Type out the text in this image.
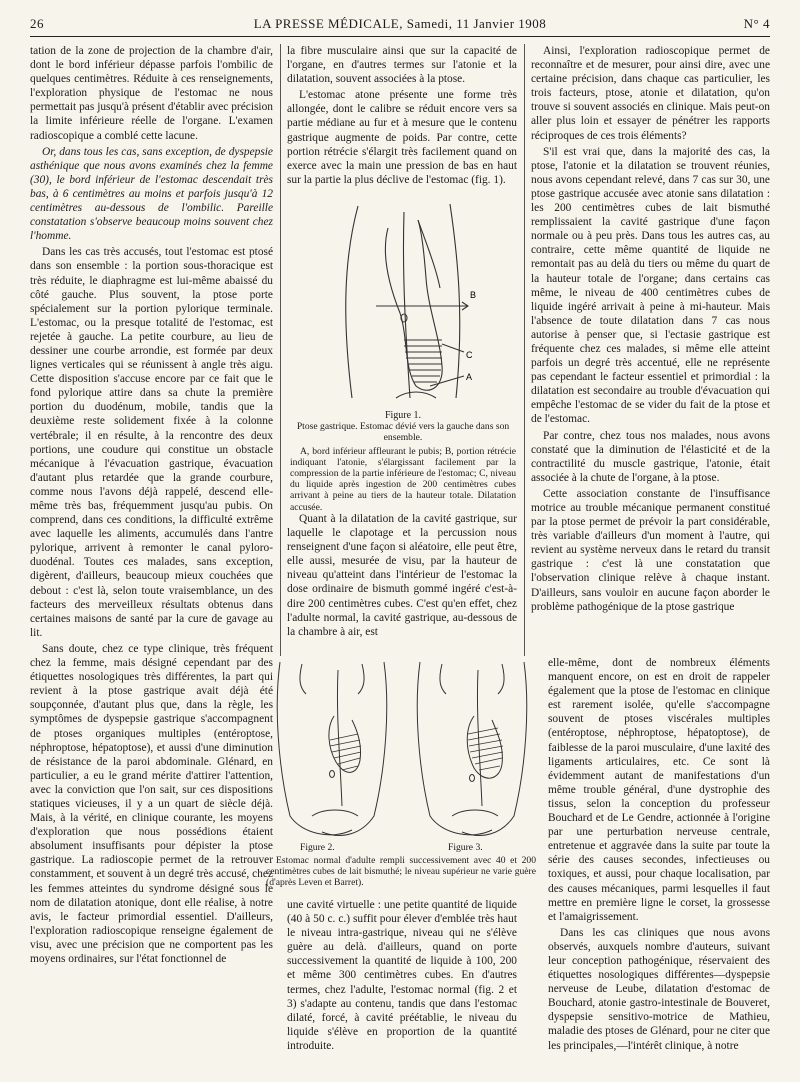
26	LA PRESSE MÉDICALE, Samedi, 11 Janvier 1908	N° 4

tation de la zone de projection de la chambre d'air, dont le bord inférieur dépasse parfois l'ombilic de quelques centimètres. Réduite à ces renseignements, l'exploration physique de l'estomac ne nous permettait pas jusqu'à présent d'établir avec précision la limite inférieure réelle de l'organe. L'examen radioscopique a comblé cette lacune.

Or, dans tous les cas, sans exception, de dyspepsie asthénique que nous avons examinés chez la femme (30), le bord inférieur de l'estomac descendait très bas, à 6 centimètres au moins et parfois jusqu'à 12 centimètres au-dessous de l'ombilic. Pareille constatation s'observe beaucoup moins souvent chez l'homme.

Dans les cas très accusés, tout l'estomac est ptosé dans son ensemble : la portion sous-thoracique est très réduite, le diaphragme est lui-même abaissé du côté gauche. Plus souvent, la ptose porte spécialement sur la portion pylorique terminale. L'estomac, ou la presque totalité de l'estomac, est rejetée à gauche. La petite courbure, au lieu de dessiner une courbe arrondie, est formée par deux lignes verticales qui se réunissent à angle très aigu. Cette disposition s'accuse encore par ce fait que le fond pylorique attire dans sa chute la première portion du duodénum, mobile, tandis que la deuxième reste solidement fixée à la colonne vertébrale; il en résulte, à la rencontre des deux portions, une coudure qui constitue un obstacle mécanique à l'évacuation gastrique, évacuation d'autant plus retardée que la grande courbure, comme nous l'avons déjà rappelé, descend elle-même très bas, fréquemment jusqu'au pubis. On comprend, dans ces conditions, la difficulté extrême avec laquelle les aliments, accumulés dans l'antre pylorique, arrivent à remonter le canal pyloro-duodénal. Toutes ces malades, sans exception, digèrent, d'ailleurs, beaucoup mieux couchées que debout : c'est là, selon toute vraisemblance, un des facteurs des merveilleux résultats obtenus dans certaines maisons de santé par la cure de gavage au lit.

Sans doute, chez ce type clinique, très fréquent chez la femme, mais désigné cependant par des étiquettes nosologiques très différentes, la part qui revient à la ptose gastrique avait déjà été soupçonnée, d'autant plus que, dans la règle, les symptômes de dyspepsie gastrique s'accompagnent de ptoses organiques multiples (entéroptose, néphroptose, hépatoptose), et aussi d'une diminution de résistance de la paroi abdominale. Glénard, en particulier, a eu le grand mérite d'attirer l'attention, avec la conviction que l'on sait, sur ces dispositions statiques vicieuses, il y a un quart de siècle déjà. Mais, à la vérité, en clinique courante, les moyens d'exploration que nous possédions étaient absolument insuffisants pour dépister la ptose gastrique. La radioscopie permet de la retrouver constamment, et souvent à un degré très accusé, chez les femmes atteintes du syndrome désigné sous le nom de dilatation atonique, dont elle réalise, à notre avis, le facteur primordial essentiel. D'ailleurs, l'exploration radioscopique renseigne également de visu, avec une précision que ne comportent pas les moyens ordinaires, sur l'état fonctionnel de

la fibre musculaire ainsi que sur la capacité de l'organe, en d'autres termes sur l'atonie et la dilatation, souvent associées à la ptose.

L'estomac atone présente une forme très allongée, dont le calibre se réduit encore vers sa partie médiane au fur et à mesure que le contenu gastrique augmente de poids. Par contre, cette portion rétrécie s'élargit très facilement quand on exerce avec la main une pression de bas en haut sur la partie la plus déclive de l'estomac (fig. 1).

B
C
A
Figure 1.
Ptose gastrique. Estomac dévié vers la gauche dans son ensemble.
A, bord inférieur affleurant le pubis; B, portion rétrécie indiquant l'atonie, s'élargissant facilement par la compression de la partie inférieure de l'estomac; C, niveau du liquide après ingestion de 200 centimètres cubes arrivant à peine au tiers de la hauteur totale. Dilatation accusée.

Quant à la dilatation de la cavité gastrique, sur laquelle le clapotage et la percussion nous renseignent d'une façon si aléatoire, elle peut être, elle aussi, mesurée de visu, par la hauteur de niveau qu'atteint dans l'intérieur de l'estomac la dose ordinaire de bismuth gommé ingéré c'est-à-dire 200 centimètres cubes. C'est qu'en effet, chez l'adulte normal, la cavité gastrique, au-dessous de la chambre à air, est

Figure 2.	Figure 3.
Estomac normal d'adulte rempli successivement avec 40 et 200 centimètres cubes de lait bismuthé; le niveau supérieur ne varie guère (d'après Leven et Barret).

une cavité virtuelle : une petite quantité de liquide (40 à 50 c. c.) suffit pour élever d'emblée très haut le niveau intra-gastrique, niveau qui ne s'élève guère au delà. d'ailleurs, quand on porte successivement la quantité de liquide à 100, 200 et même 300 centimètres cubes. En d'autres termes, chez l'adulte, l'estomac normal (fig. 2 et 3) s'adapte au contenu, tandis que dans l'estomac dilaté, forcé, à cavité préétablie, le niveau du liquide s'élève en proportion de la quantité introduite.

Ainsi, l'exploration radioscopique permet de reconnaître et de mesurer, pour ainsi dire, avec une certaine précision, dans chaque cas particulier, les trois facteurs, ptose, atonie et dilatation, qu'on trouve si souvent associés en clinique. Mais peut-on aller plus loin et essayer de pénétrer les rapports réciproques de ces trois éléments?

S'il est vrai que, dans la majorité des cas, la ptose, l'atonie et la dilatation se trouvent réunies, nous avons cependant relevé, dans 7 cas sur 30, une ptose gastrique accusée avec atonie sans dilatation : les 200 centimètres cubes de lait bismuthé remplissaient la cavité gastrique d'une façon normale ou à peu près. Dans tous les autres cas, au contraire, cette même quantité de liquide ne remontait pas au delà du tiers ou même du quart de la hauteur totale de l'organe; dans certains cas même, le niveau de 400 centimètres cubes de liquide ingéré arrivait à peine à mi-hauteur. Mais l'absence de toute dilatation dans 7 cas nous autorise à penser que, si l'ectasie gastrique est fréquente chez ces malades, si même elle atteint parfois un degré très accentué, elle ne représente pas cependant le facteur essentiel et primordial : la dilatation est secondaire au trouble d'évacuation qui empêche l'estomac de se vider du fait de la ptose et de l'estomac.

Par contre, chez tous nos malades, nous avons constaté que la diminution de l'élasticité et de la contractilité du muscle gastrique, l'atonie, était associée à la chute de l'organe, à la ptose.

Cette association constante de l'insuffisance motrice au trouble mécanique permanent constitué par la ptose permet de prévoir la part considérable, très variable d'ailleurs d'un moment à l'autre, qui revient au système nerveux dans le retard du transit gastrique : c'est là une constatation que l'observation clinique relève à chaque instant. D'ailleurs, sans vouloir en aucune façon aborder le problème pathogénique de la ptose gastrique

elle-même, dont de nombreux éléments manquent encore, on est en droit de rappeler également que la ptose de l'estomac en clinique est rarement isolée, qu'elle s'accompagne souvent de ptoses viscérales multiples (entéroptose, néphroptose, hépatoptose), de faiblesse de la paroi musculaire, d'une laxité des ligaments articulaires, etc. Ce sont là évidemment autant de manifestations d'un même trouble général, d'une dystrophie des tissus, selon la conception du professeur Bouchard et de Le Gendre, actionnée à l'origine par une perturbation nerveuse centrale, entretenue et aggravée dans la suite par toute la série des causes secondes, infectieuses ou toxiques, et aussi, pour chaque localisation, par des causes mécaniques, parmi lesquelles il faut mettre en première ligne le corset, la grossesse et l'amaigrissement.

Dans les cas cliniques que nous avons observés, auxquels nombre d'auteurs, suivant leur conception pathogénique, réservaient des étiquettes nosologiques différentes—dyspepsie nerveuse de Leube, dilatation d'estomac de Bouchard, atonie gastro-intestinale de Bouveret, dyspepsie sensitivo-motrice de Mathieu, maladie des ptoses de Glénard, pour ne citer que les principales,—l'intérêt clinique, à notre
